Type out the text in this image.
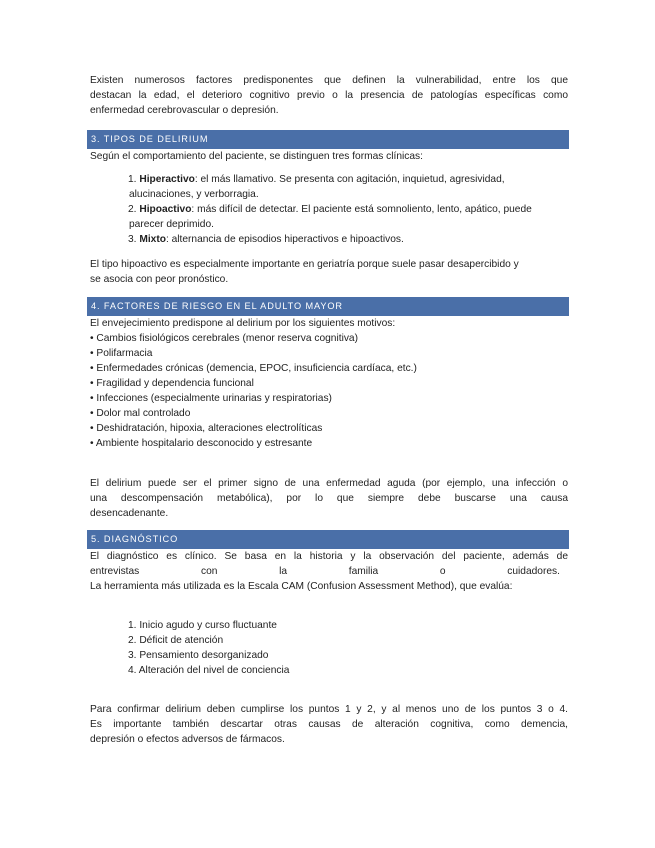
Existen numerosos factores predisponentes que definen la vulnerabilidad, entre los que
destacan la edad, el deterioro cognitivo previo o la presencia de patologías específicas como
enfermedad cerebrovascular o depresión.
3. TIPOS DE DELIRIUM
Según el comportamiento del paciente, se distinguen tres formas clínicas:
1. Hiperactivo: el más llamativo. Se presenta con agitación, inquietud, agresividad,
alucinaciones, y verborragia.
2. Hipoactivo: más difícil de detectar. El paciente está somnoliento, lento, apático, puede
parecer deprimido.
3. Mixto: alternancia de episodios hiperactivos e hipoactivos.
El tipo hipoactivo es especialmente importante en geriatría porque suele pasar desapercibido y
se asocia con peor pronóstico.
4. FACTORES DE RIESGO EN EL ADULTO MAYOR
El envejecimiento predispone al delirium por los siguientes motivos:
• Cambios fisiológicos cerebrales (menor reserva cognitiva)
• Polifarmacia
• Enfermedades crónicas (demencia, EPOC, insuficiencia cardíaca, etc.)
• Fragilidad y dependencia funcional
• Infecciones (especialmente urinarias y respiratorias)
• Dolor mal controlado
• Deshidratación, hipoxia, alteraciones electrolíticas
• Ambiente hospitalario desconocido y estresante
El delirium puede ser el primer signo de una enfermedad aguda (por ejemplo, una infección o
una descompensación metabólica), por lo que siempre debe buscarse una causa
desencadenante.
5. DIAGNÓSTICO
El diagnóstico es clínico. Se basa en la historia y la observación del paciente, además de
entrevistas	con	la	familia	o	cuidadores.
La herramienta más utilizada es la Escala CAM (Confusion Assessment Method), que evalúa:
1. Inicio agudo y curso fluctuante
2. Déficit de atención
3. Pensamiento desorganizado
4. Alteración del nivel de conciencia
Para confirmar delirium deben cumplirse los puntos 1 y 2, y al menos uno de los puntos 3 o 4.
Es importante también descartar otras causas de alteración cognitiva, como demencia,
depresión o efectos adversos de fármacos.
